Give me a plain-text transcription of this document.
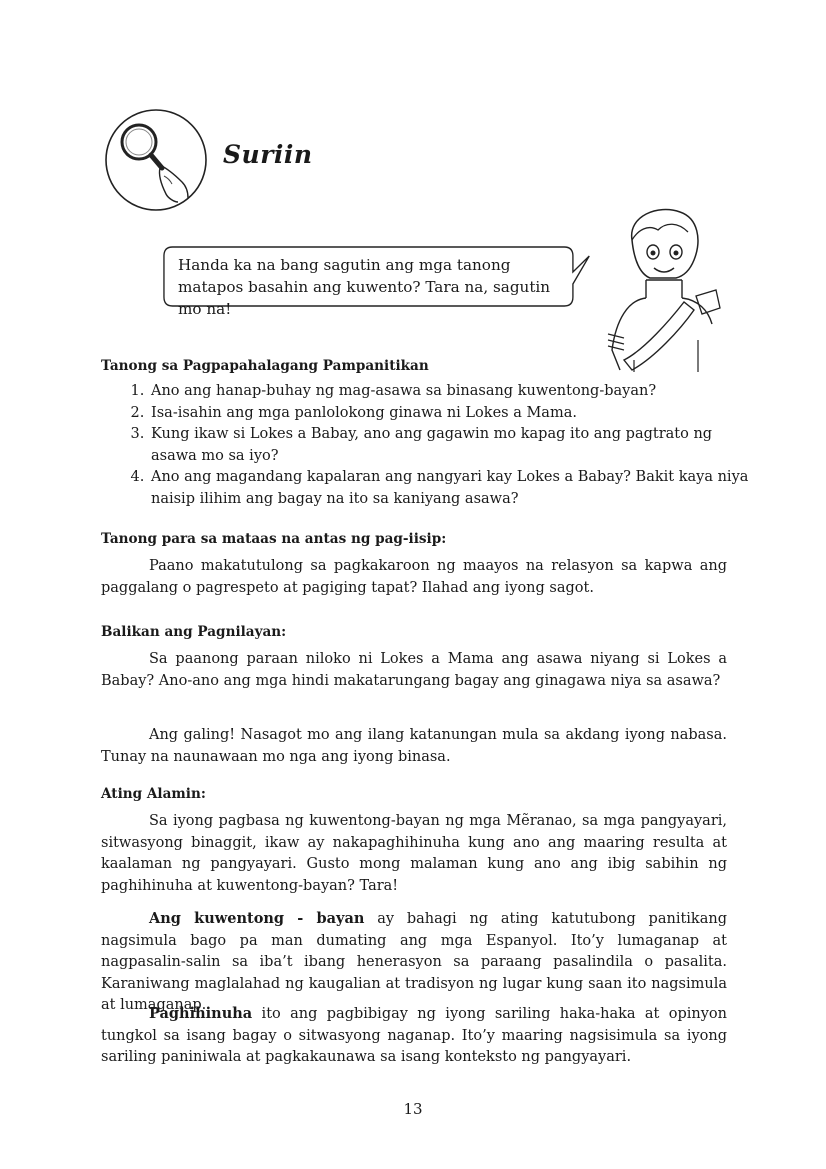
Suriin
Handa ka na bang sagutin ang mga tanong matapos basahin ang kuwento? Tara na, sagutin mo na!
Tanong sa Pagpapahalagang Pampanitikan
1. Ano ang hanap-buhay ng mag-asawa sa binasang kuwentong-bayan?
2. Isa-isahin ang mga panlolokong ginawa ni Lokes a Mama.
3. Kung ikaw si Lokes a Babay, ano ang gagawin mo kapag ito ang pagtrato ng asawa mo sa iyo?
4. Ano ang magandang kapalaran ang nangyari kay Lokes a Babay? Bakit kaya niya naisip ilihim ang bagay na ito sa kaniyang asawa?
Tanong para sa mataas na antas ng pag-iisip:
Paano makatutulong sa pagkakaroon ng maayos na relasyon sa kapwa ang paggalang o pagrespeto at pagiging tapat? Ilahad ang iyong sagot.
Balikan ang Pagnilayan:
Sa paanong paraan niloko ni Lokes a Mama ang asawa niyang si Lokes a Babay? Ano-ano ang mga hindi makatarungang bagay ang ginagawa niya sa asawa?
Ang galing! Nasagot mo ang ilang katanungan mula sa akdang iyong nabasa. Tunay na naunawaan mo nga ang iyong binasa.
Ating Alamin:
Sa iyong pagbasa ng kuwentong-bayan ng mga Mẽranao, sa mga pangyayari, sitwasyong binaggit, ikaw ay nakapaghihinuha kung ano ang maaring resulta at kaalaman ng pangyayari. Gusto mong malaman kung ano ang ibig sabihin ng paghihinuha at kuwentong-bayan? Tara!
Ang kuwentong - bayan ay bahagi ng ating katutubong panitikang nagsimula bago pa man dumating ang mga Espanyol. Ito’y lumaganap at nagpasalin-salin sa iba’t ibang henerasyon sa paraang pasalindila o pasalita. Karaniwang maglalahad ng kaugalian at tradisyon ng lugar kung saan ito nagsimula at lumaganap.
Paghihinuha ito ang pagbibigay ng iyong sariling haka-haka at opinyon tungkol sa isang bagay o sitwasyong naganap. Ito’y maaring nagsisimula sa iyong sariling paniniwala at pagkakaunawa sa isang konteksto ng pangyayari.
13
